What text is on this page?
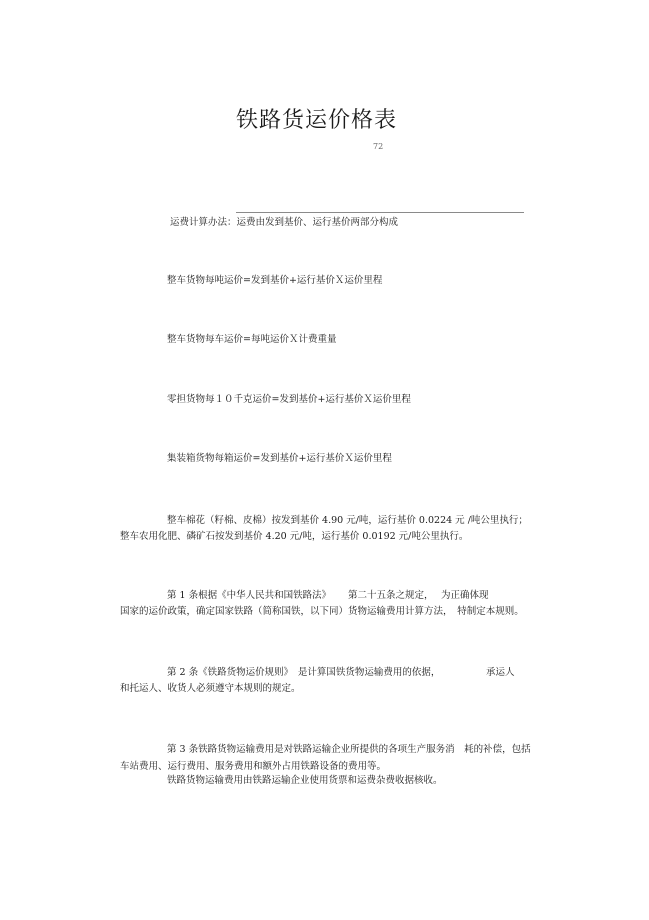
铁路货运价格表
72
运费计算办法：运费由发到基价、运行基价两部分构成
整车货物每吨运价=发到基价+运行基价Ｘ运价里程
整车货物每车运价=每吨运价Ｘ计费重量
零担货物每１０千克运价=发到基价+运行基价Ｘ运价里程
集装箱货物每箱运价=发到基价+运行基价Ｘ运价里程
整车棉花（籽棉、皮棉）按发到基价 4.90 元/吨，运行基价 0.0224 元 /吨公里执行；
整车农用化肥、磷矿石按发到基价 4.20 元/吨，运行基价 0.0192 元/吨公里执行。
第 1 条根据《中华人民共和国铁路法》 第二十五条之规定， 为正确体现
国家的运价政策，确定国家铁路（简称国铁，以下同）货物运输费用计算方法，　特制定本规则。
第 2 条《铁路货物运价规则》　是计算国铁货物运输费用的依据，	承运人
和托运人、收货人必须遵守本规则的规定。
第 3 条铁路货物运输费用是对铁路运输企业所提供的各项生产服务消　耗的补偿，包括
车站费用、运行费用、服务费用和额外占用铁路设备的费用等。
铁路货物运输费用由铁路运输企业使用货票和运费杂费收据核收。
